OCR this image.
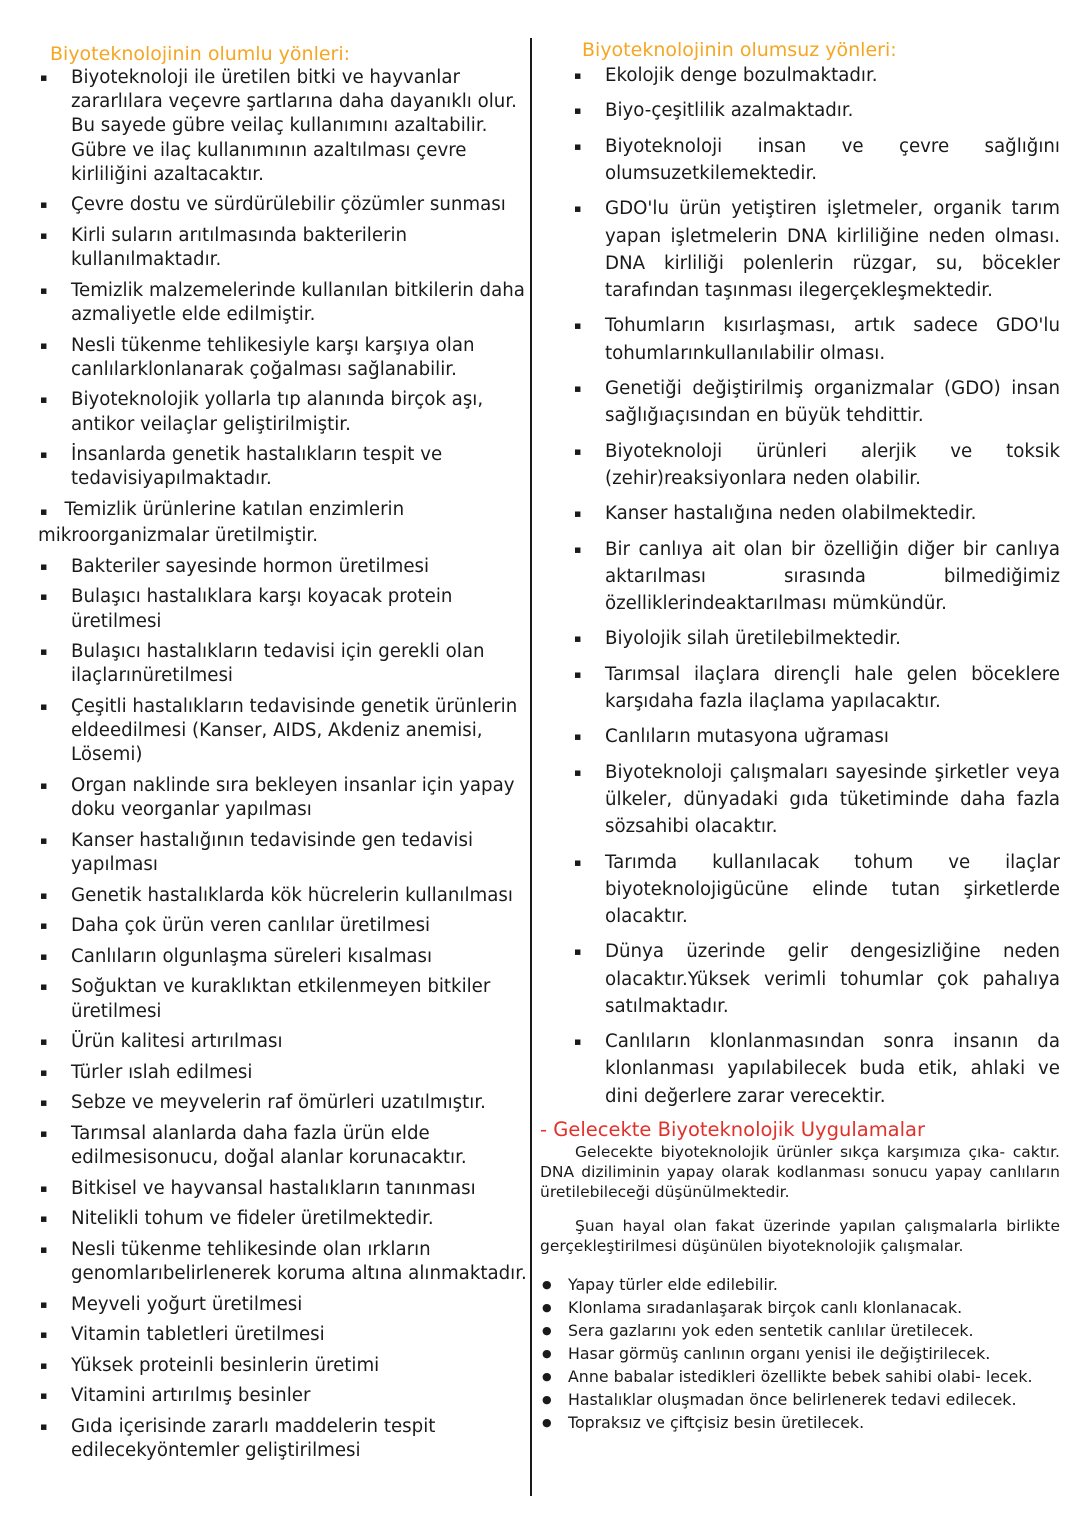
Biyoteknolojinin olumlu yönleri:
▪ Biyoteknoloji ile üretilen bitki ve hayvanlar zararlılara veçevre şartlarına daha dayanıklı olur. Bu sayede gübre veilaç kullanımını azaltabilir. Gübre ve ilaç kullanımının azaltılması çevre kirliliğini azaltacaktır.
▪ Çevre dostu ve sürdürülebilir çözümler sunması
▪ Kirli suların arıtılmasında bakterilerin kullanılmaktadır.
▪ Temizlik malzemelerinde kullanılan bitkilerin daha azmaliyetle elde edilmiştir.
▪ Nesli tükenme tehlikesiyle karşı karşıya olan canlılarklonlanarak çoğalması sağlanabilir.
▪ Biyoteknolojik yollarla tıp alanında birçok aşı, antikor veilaçlar geliştirilmiştir.
▪ İnsanlarda genetik hastalıkların tespit ve tedavisiyapılmaktadır.
▪ Temizlik ürünlerine katılan enzimlerin
mikroorganizmalar üretilmiştir.
▪ Bakteriler sayesinde hormon üretilmesi
▪ Bulaşıcı hastalıklara karşı koyacak protein üretilmesi
▪ Bulaşıcı hastalıkların tedavisi için gerekli olan ilaçlarınüretilmesi
▪ Çeşitli hastalıkların tedavisinde genetik ürünlerin eldeedilmesi (Kanser, AIDS, Akdeniz anemisi, Lösemi)
▪ Organ naklinde sıra bekleyen insanlar için yapay doku veorganlar yapılması
▪ Kanser hastalığının tedavisinde gen tedavisi yapılması
▪ Genetik hastalıklarda kök hücrelerin kullanılması
▪ Daha çok ürün veren canlılar üretilmesi
▪ Canlıların olgunlaşma süreleri kısalması
▪ Soğuktan ve kuraklıktan etkilenmeyen bitkiler üretilmesi
▪ Ürün kalitesi artırılması
▪ Türler ıslah edilmesi
▪ Sebze ve meyvelerin raf ömürleri uzatılmıştır.
▪ Tarımsal alanlarda daha fazla ürün elde edilmesisonucu, doğal alanlar korunacaktır.
▪ Bitkisel ve hayvansal hastalıkların tanınması
▪ Nitelikli tohum ve fideler üretilmektedir.
▪ Nesli tükenme tehlikesinde olan ırkların genomlarıbelirlenerek koruma altına alınmaktadır.
▪ Meyveli yoğurt üretilmesi
▪ Vitamin tabletleri üretilmesi
▪ Yüksek proteinli besinlerin üretimi
▪ Vitamini artırılmış besinler
▪ Gıda içerisinde zararlı maddelerin tespit edilecekyöntemler geliştirilmesi
Biyoteknolojinin olumsuz yönleri:
▪ Ekolojik denge bozulmaktadır.
▪ Biyo-çeşitlilik azalmaktadır.
▪ Biyoteknoloji insan ve çevre sağlığını olumsuzetkilemektedir.
▪ GDO'lu ürün yetiştiren işletmeler, organik tarım yapan işletmelerin DNA kirliliğine neden olması. DNA kirliliği polenlerin rüzgar, su, böcekler tarafından taşınması ilegerçekleşmektedir.
▪ Tohumların kısırlaşması, artık sadece GDO'lu tohumlarınkullanılabilir olması.
▪ Genetiği değiştirilmiş organizmalar (GDO) insan sağlığıaçısından en büyük tehdittir.
▪ Biyoteknoloji ürünleri alerjik ve toksik (zehir)reaksiyonlara neden olabilir.
▪ Kanser hastalığına neden olabilmektedir.
▪ Bir canlıya ait olan bir özelliğin diğer bir canlıya aktarılması sırasında bilmediğimiz özelliklerindeaktarılması mümkündür.
▪ Biyolojik silah üretilebilmektedir.
▪ Tarımsal ilaçlara dirençli hale gelen böceklere karşıdaha fazla ilaçlama yapılacaktır.
▪ Canlıların mutasyona uğraması
▪ Biyoteknoloji çalışmaları sayesinde şirketler veya ülkeler, dünyadaki gıda tüketiminde daha fazla sözsahibi olacaktır.
▪ Tarımda kullanılacak tohum ve ilaçlar biyoteknolojigücüne elinde tutan şirketlerde olacaktır.
▪ Dünya üzerinde gelir dengesizliğine neden olacaktır.Yüksek verimli tohumlar çok pahalıya satılmaktadır.
▪ Canlıların klonlanmasından sonra insanın da klonlanması yapılabilecek buda etik, ahlaki ve dini değerlere zarar verecektir.
- Gelecekte Biyoteknolojik Uygulamalar

Gelecekte biyoteknolojik ürünler sıkça karşımıza çıka- caktır. DNA diziliminin yapay olarak kodlanması sonucu yapay canlıların üretilebileceği düşünülmektedir.

Şuan hayal olan fakat üzerinde yapılan çalışmalarla birlikte gerçekleştirilmesi düşünülen biyoteknolojik çalışmalar.

● Yapay türler elde edilebilir.
● Klonlama sıradanlaşarak birçok canlı klonlanacak.
● Sera gazlarını yok eden sentetik canlılar üretilecek.
● Hasar görmüş canlının organı yenisi ile değiştirilecek.
● Anne babalar istedikleri özellikte bebek sahibi olabi- lecek.
● Hastalıklar oluşmadan önce belirlenerek tedavi edilecek.
● Topraksız ve çiftçisiz besin üretilecek.
